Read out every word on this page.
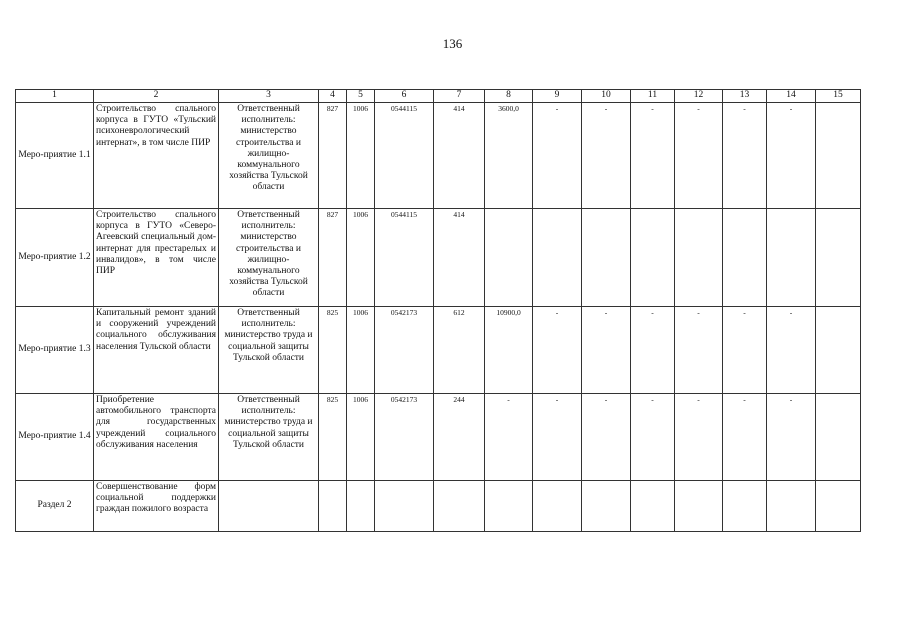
136
1	2	3	4	5	6	7	8	9	10	11	12	13	14	15
Меро-приятие 1.1	Строительство спального корпуса в ГУТО «Тульский психоневрологический интернат», в том числе ПИР	Ответственный исполнитель: министерство строительства и жилищно-коммунального хозяйства Тульской области	827	1006	0544115	414	3600,0	-	-	-	-	-	-	
Меро-приятие 1.2	Строительство спального корпуса в ГУТО «Северо-Агеевский специальный дом-интернат для престарелых и инвалидов», в том числе ПИР	Ответственный исполнитель: министерство строительства и жилищно-коммунального хозяйства Тульской области	827	1006	0544115	414								
Меро-приятие 1.3	Капитальный ремонт зданий и сооружений учреждений социального обслуживания населения Тульской области	Ответственный исполнитель: министерство труда и социальной защиты Тульской области	825	1006	0542173	612	10900,0	-	-	-	-	-	-	
Меро-приятие 1.4	Приобретение автомобильного транспорта для государственных учреждений социального обслуживания населения	Ответственный исполнитель: министерство труда и социальной защиты Тульской области	825	1006	0542173	244	-	-	-	-	-	-	-	
Раздел 2	Совершенствование форм социальной поддержки граждан пожилого возраста													
